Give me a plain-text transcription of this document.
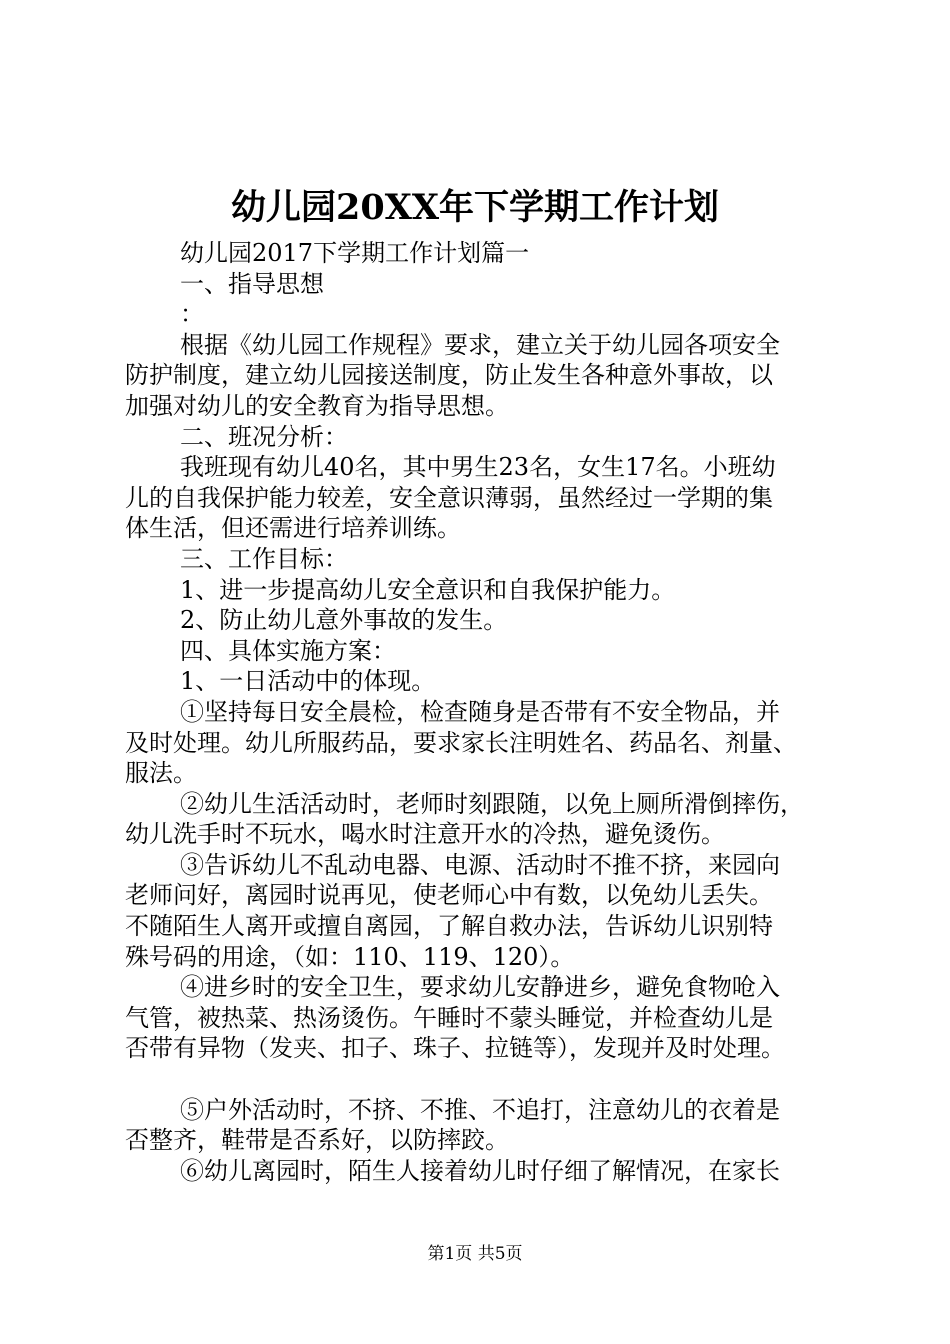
幼儿园20XX年下学期工作计划
幼儿园2017下学期工作计划篇一
一、指导思想
：
根据《幼儿园工作规程》要求，建立关于幼儿园各项安全
防护制度，建立幼儿园接送制度，防止发生各种意外事故，以
加强对幼儿的安全教育为指导思想。
二、班况分析：
我班现有幼儿40名，其中男生23名，女生17名。小班幼
儿的自我保护能力较差，安全意识薄弱，虽然经过一学期的集
体生活，但还需进行培养训练。
三、工作目标：
1、进一步提高幼儿安全意识和自我保护能力。
2、防止幼儿意外事故的发生。
四、具体实施方案：
1、一日活动中的体现。
①坚持每日安全晨检，检查随身是否带有不安全物品，并
及时处理。幼儿所服药品，要求家长注明姓名、药品名、剂量、
服法。
②幼儿生活活动时，老师时刻跟随，以免上厕所滑倒摔伤，
幼儿洗手时不玩水，喝水时注意开水的冷热，避免烫伤。
③告诉幼儿不乱动电器、电源、活动时不推不挤，来园向
老师问好，离园时说再见，使老师心中有数，以免幼儿丢失。
不随陌生人离开或擅自离园，了解自救办法，告诉幼儿识别特
殊号码的用途，（如：110、119、120）。
④进乡时的安全卫生，要求幼儿安静进乡，避免食物呛入
气管，被热菜、热汤烫伤。午睡时不蒙头睡觉，并检查幼儿是
否带有异物（发夹、扣子、珠子、拉链等），发现并及时处理。
⑤户外活动时，不挤、不推、不追打，注意幼儿的衣着是
否整齐，鞋带是否系好，以防摔跤。
⑥幼儿离园时，陌生人接着幼儿时仔细了解情况，在家长
第1页 共5页
